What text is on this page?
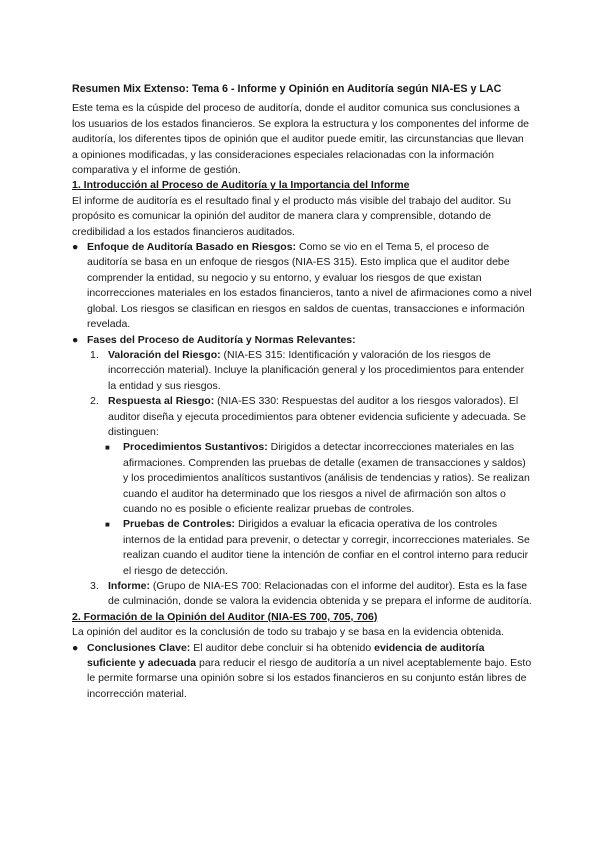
Resumen Mix Extenso: Tema 6 - Informe y Opinión en Auditoría según NIA-ES y LAC

Este tema es la cúspide del proceso de auditoría, donde el auditor comunica sus conclusiones a los usuarios de los estados financieros. Se explora la estructura y los componentes del informe de auditoría, los diferentes tipos de opinión que el auditor puede emitir, las circunstancias que llevan a opiniones modificadas, y las consideraciones especiales relacionadas con la información comparativa y el informe de gestión.

1. Introducción al Proceso de Auditoría y la Importancia del Informe

El informe de auditoría es el resultado final y el producto más visible del trabajo del auditor. Su propósito es comunicar la opinión del auditor de manera clara y comprensible, dotando de credibilidad a los estados financieros auditados.

● Enfoque de Auditoría Basado en Riesgos: Como se vio en el Tema 5, el proceso de auditoría se basa en un enfoque de riesgos (NIA-ES 315). Esto implica que el auditor debe comprender la entidad, su negocio y su entorno, y evaluar los riesgos de que existan incorrecciones materiales en los estados financieros, tanto a nivel de afirmaciones como a nivel global. Los riesgos se clasifican en riesgos en saldos de cuentas, transacciones e información revelada.
● Fases del Proceso de Auditoría y Normas Relevantes:
1. Valoración del Riesgo: (NIA-ES 315: Identificación y valoración de los riesgos de incorrección material). Incluye la planificación general y los procedimientos para entender la entidad y sus riesgos.
2. Respuesta al Riesgo: (NIA-ES 330: Respuestas del auditor a los riesgos valorados). El auditor diseña y ejecuta procedimientos para obtener evidencia suficiente y adecuada. Se distinguen:
■ Procedimientos Sustantivos: Dirigidos a detectar incorrecciones materiales en las afirmaciones. Comprenden las pruebas de detalle (examen de transacciones y saldos) y los procedimientos analíticos sustantivos (análisis de tendencias y ratios). Se realizan cuando el auditor ha determinado que los riesgos a nivel de afirmación son altos o cuando no es posible o eficiente realizar pruebas de controles.
■ Pruebas de Controles: Dirigidos a evaluar la eficacia operativa de los controles internos de la entidad para prevenir, o detectar y corregir, incorrecciones materiales. Se realizan cuando el auditor tiene la intención de confiar en el control interno para reducir el riesgo de detección.
3. Informe: (Grupo de NIA-ES 700: Relacionadas con el informe del auditor). Esta es la fase de culminación, donde se valora la evidencia obtenida y se prepara el informe de auditoría.
2. Formación de la Opinión del Auditor (NIA-ES 700, 705, 706)

La opinión del auditor es la conclusión de todo su trabajo y se basa en la evidencia obtenida.

● Conclusiones Clave: El auditor debe concluir si ha obtenido evidencia de auditoría suficiente y adecuada para reducir el riesgo de auditoría a un nivel aceptablemente bajo. Esto le permite formarse una opinión sobre si los estados financieros en su conjunto están libres de incorrección material.
